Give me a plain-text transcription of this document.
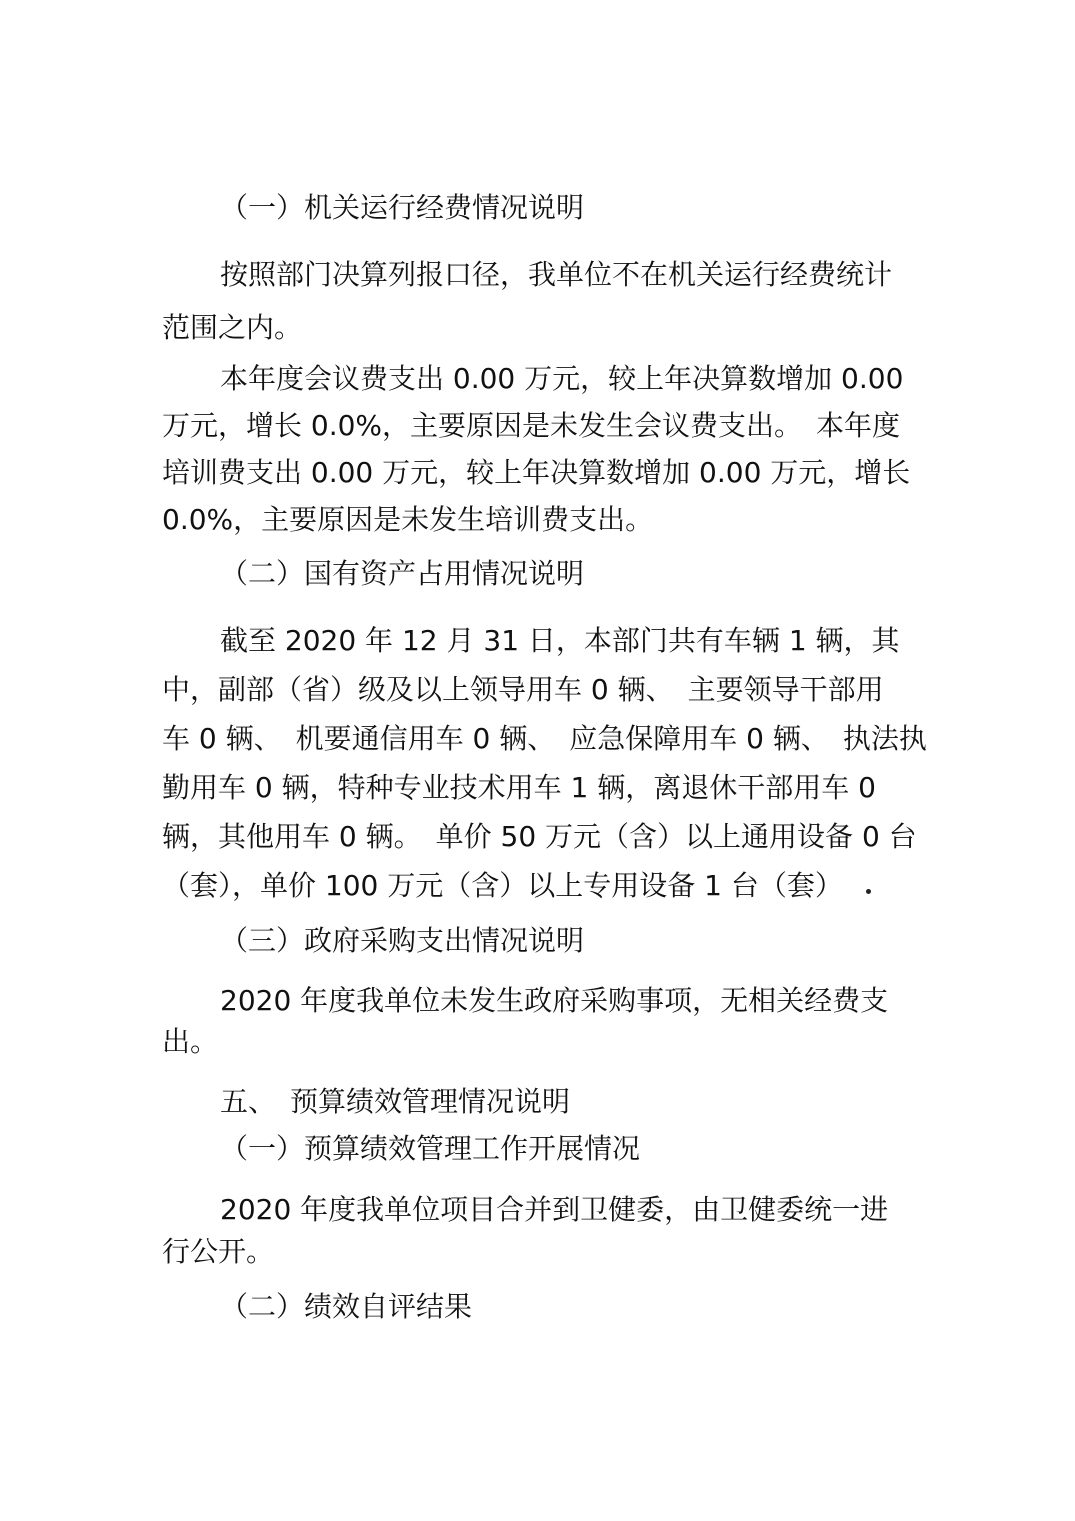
（一）机关运行经费情况说明
按照部门决算列报口径，我单位不在机关运行经费统计
范围之内。
本年度会议费支出 0.00 万元，较上年决算数增加 0.00
万元，增长 0.0%，主要原因是未发生会议费支出。　本年度
培训费支出 0.00 万元，较上年决算数增加 0.00 万元，增长
0.0%，主要原因是未发生培训费支出。
（二）国有资产占用情况说明
截至 2020 年 12 月 31 日，本部门共有车辆 1 辆，其
中，副部（省）级及以上领导用车 0 辆、　主要领导干部用
车 0 辆、　机要通信用车 0 辆、　应急保障用车 0 辆、　执法执
勤用车 0 辆，特种专业技术用车 1 辆，离退休干部用车 0
辆，其他用车 0 辆。　单价 50 万元（含）以上通用设备 0 台
（套），单价 100 万元（含）以上专用设备 1 台（套）
（三）政府采购支出情况说明
2020 年度我单位未发生政府采购事项，无相关经费支
出。
五、　预算绩效管理情况说明
（一）预算绩效管理工作开展情况
2020 年度我单位项目合并到卫健委，由卫健委统一进
行公开。
（二）绩效自评结果
